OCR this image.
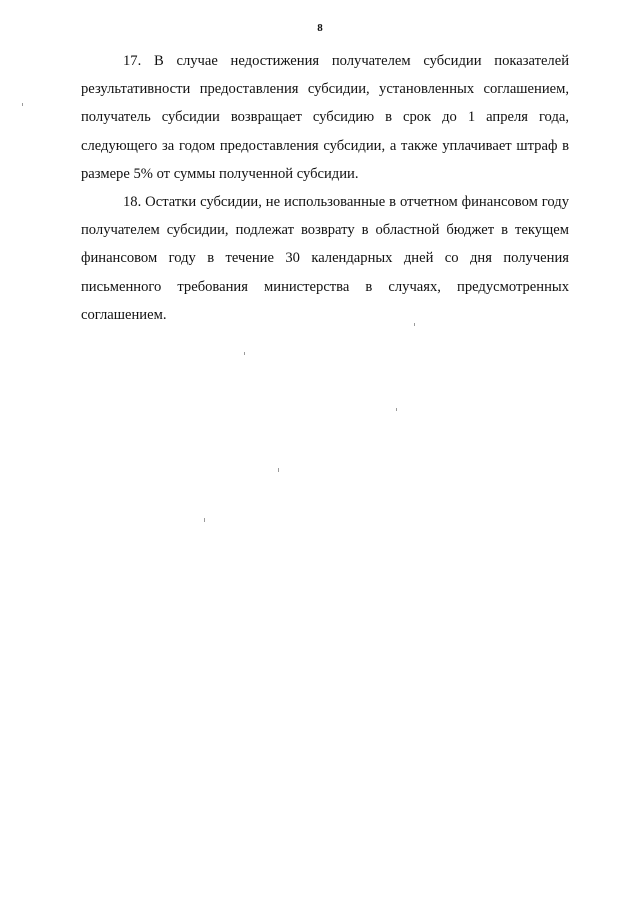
8

17. В случае недостижения получателем субсидии показателей результативности предоставления субсидии, установленных соглашением, получатель субсидии возвращает субсидию в срок до 1 апреля года, следующего за годом предоставления субсидии, а также уплачивает штраф в размере 5% от суммы полученной субсидии.

18. Остатки субсидии, не использованные в отчетном финансовом году получателем субсидии, подлежат возврату в областной бюджет в текущем финансовом году в течение 30 календарных дней со дня получения письменного требования министерства в случаях, предусмотренных соглашением.
